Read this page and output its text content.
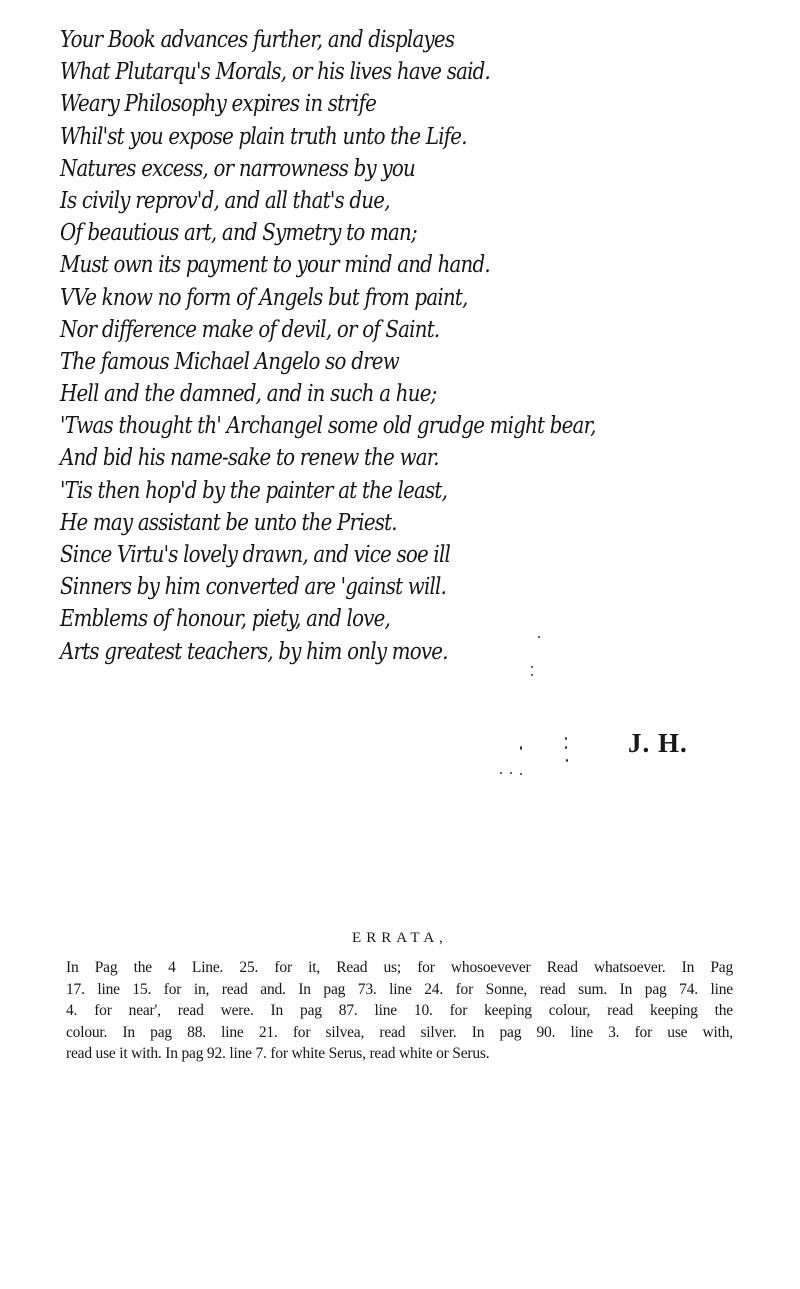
Your Book advances further, and displayes
What Plutarqu's Morals, or his lives have said.
Weary Philosophy expires in strife
Whil'st you expose plain truth unto the Life.
Natures excess, or narrowness by you
Is civily reprov'd, and all that's due,
Of beautious art, and Symetry to man;
Must own its payment to your mind and hand.
VVe know no form of Angels but from paint,
Nor difference make of devil, or of Saint.
The famous Michael Angelo so drew
Hell and the damned, and in such a hue;
'Twas thought th' Archangel some old grudge might bear,
And bid his name-sake to renew the war.
'Tis then hop'd by the painter at the least,
He may assistant be unto the Priest.
Since Virtu's lovely drawn, and vice soe ill
Sinners by him converted are 'gainst will.
Emblems of honour, piety, and love,
Arts greatest teachers, by him only move.
J. H.
ERRATA,
In Pag the 4 Line. 25. for it, Read us; for whosoevever Read whatsoever. In Pag
17. line 15. for in, read and. In pag 73. line 24. for Sonne, read sum. In pag 74. line
4. for near', read were. In pag 87. line 10. for keeping colour, read keeping the
colour. In pag 88. line 21. for silvea, read silver. In pag 90. line 3. for use with,
read use it with. In pag 92. line 7. for white Serus, read white or Serus.
